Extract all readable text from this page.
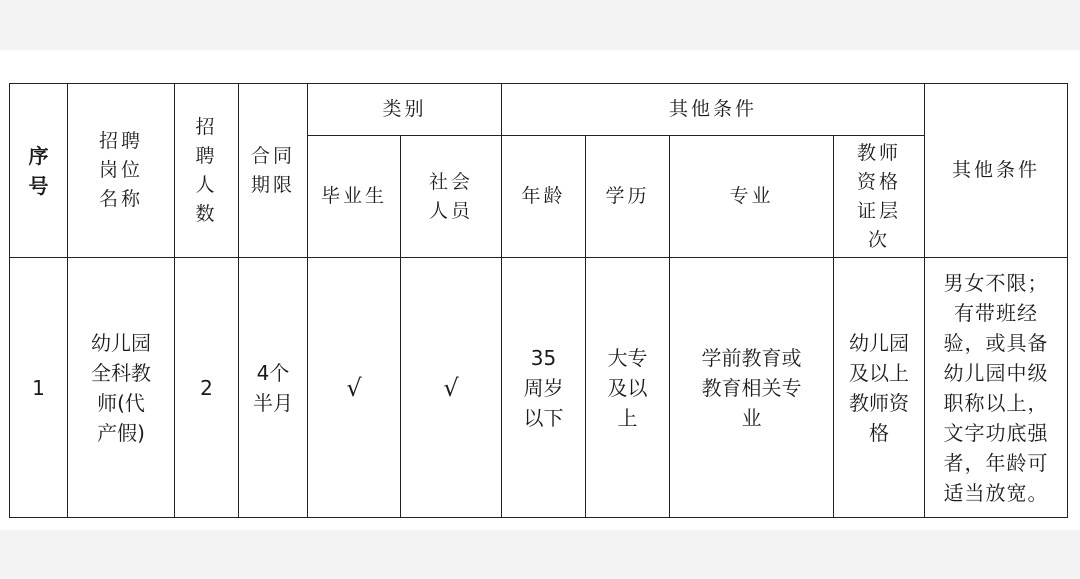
序号	招聘岗位名称	招聘人数	合同期限	类别		其他条件				其他条件
				毕业生	社会人员	年龄	学历	专业	教师资格证层次	
1	幼儿园全科教师(代产假)	2	4个半月	√	√	35周岁以下	大专及以上	学前教育或教育相关专业	幼儿园及以上教师资格	男女不限；有带班经验，或具备幼儿园中级职称以上，文字功底强者，年龄可适当放宽。
